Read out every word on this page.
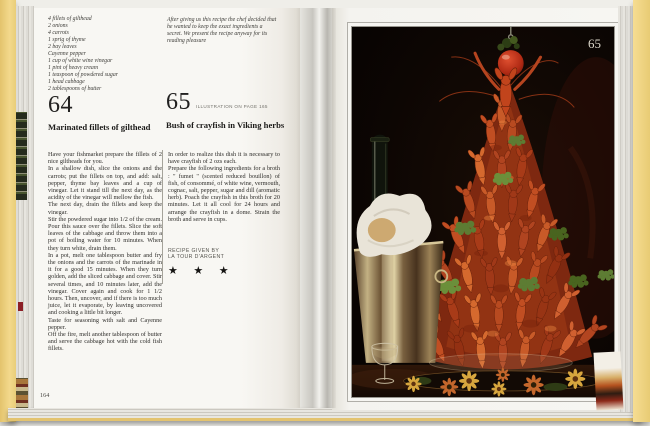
4 fillets of gilthead
2 onions
4 carrots
1 sprig of thyme
2 bay leaves
Cayenne pepper
1 cup of white wine vinegar
1 pint of heavy cream
1 teaspoon of powdered sugar
1 head cabbage
2 tablespoons of butter
After giving us this recipe the chef decided that he wanted to keep the exact ingredients a secret. We present the recipe anyway for its reading pleasure
64
Marinated fillets of gilthead

Have your fishmarket prepare the fillets of 2 nice giltheads for you.

In a shallow dish, slice the onions and the carrots; put the fillets on top, and add: salt, pepper, thyme bay leaves and a cup of vinegar. Let it stand till the next day, as the acidity of the vinegar will mellow the fish.

The next day, drain the fillets and keep the vinegar.

Stir the powdered sugar into 1/2 of the cream. Pour this sauce over the fillets. Slice the soft leaves of the cabbage and throw them into a pot of boiling water for 10 minutes. When they turn white, drain them.

In a pot, melt one tablespoon butter and fry the onions and the carrots of the marinade in it for a good 15 minutes. When they turn golden, add the sliced cabbage and cover. Stir several times, and 10 minutes later, add the vinegar. Cover again and cook for 1 1/2 hours. Then, uncover, and if there is too much juice, let it evaporate, by leaving uncovered and cooking a little bit longer.

Taste for seasoning with salt and Cayenne pepper.

Off the fire, melt another tablespoon of butter and serve the cabbage hot with the cold fish fillets.

65 ILLUSTRATION ON PAGE 165
Bush of crayfish in Viking herbs

In order to realize this dish it is necessary to have crayfish of 2 ozs each.

Prepare the following ingredients for a broth : " fumet " (scented reduced bouillon) of fish, of consommé, of white wine, vermouth, cognac, salt, pepper, sugar and dill (aromatic herb). Poach the crayfish in this broth for 20 minutes. Let it all cool for 24 hours and arrange the crayfish in a dome. Strain the broth and serve in cups.

RECIPE GIVEN BY
LA TOUR D'ARGENT
★ ★ ★
164
65
